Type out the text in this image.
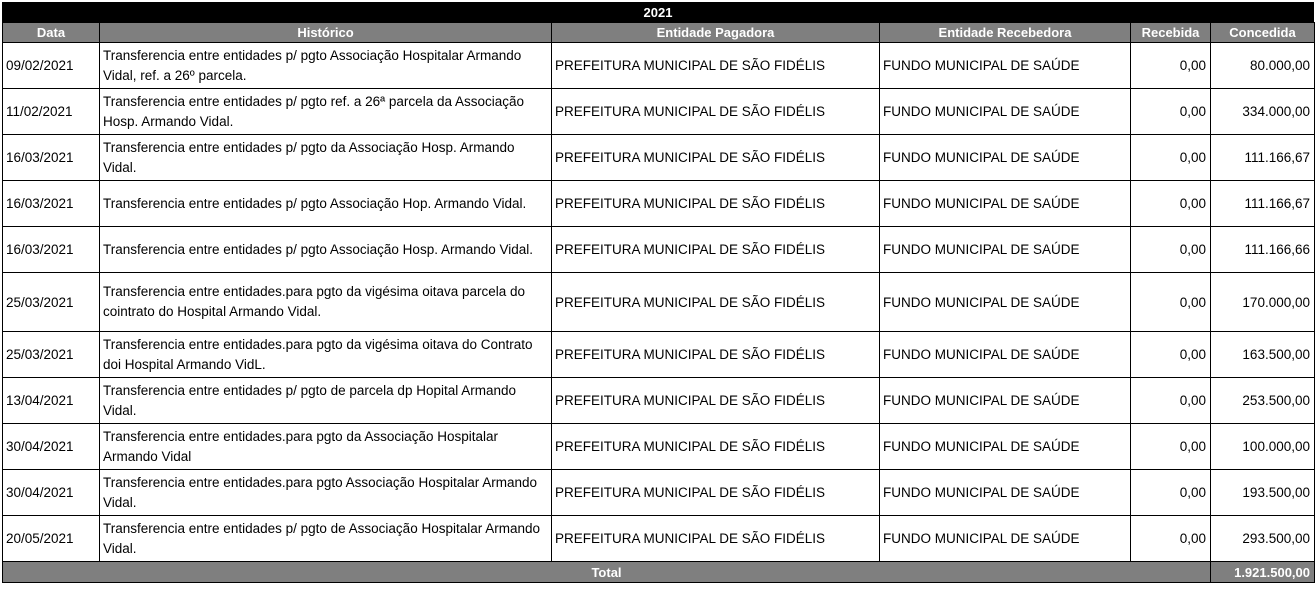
2021
Data	Histórico	Entidade Pagadora	Entidade Recebedora	Recebida	Concedida
09/02/2021	Transferencia entre entidades p/ pgto Associação Hospitalar Armando Vidal, ref. a 26º parcela.	PREFEITURA MUNICIPAL DE SÃO FIDÉLIS	FUNDO MUNICIPAL DE SAÚDE	0,00	80.000,00
11/02/2021	Transferencia entre entidades p/ pgto ref. a 26ª parcela da Associação Hosp. Armando Vidal.	PREFEITURA MUNICIPAL DE SÃO FIDÉLIS	FUNDO MUNICIPAL DE SAÚDE	0,00	334.000,00
16/03/2021	Transferencia entre entidades p/ pgto da Associação Hosp. Armando Vidal.	PREFEITURA MUNICIPAL DE SÃO FIDÉLIS	FUNDO MUNICIPAL DE SAÚDE	0,00	111.166,67
16/03/2021	Transferencia entre entidades p/ pgto Associação Hop. Armando Vidal.	PREFEITURA MUNICIPAL DE SÃO FIDÉLIS	FUNDO MUNICIPAL DE SAÚDE	0,00	111.166,67
16/03/2021	Transferencia entre entidades p/ pgto Associação Hosp. Armando Vidal.	PREFEITURA MUNICIPAL DE SÃO FIDÉLIS	FUNDO MUNICIPAL DE SAÚDE	0,00	111.166,66
25/03/2021	Transferencia entre entidades.para pgto da vigésima oitava parcela do cointrato do Hospital Armando Vidal.	PREFEITURA MUNICIPAL DE SÃO FIDÉLIS	FUNDO MUNICIPAL DE SAÚDE	0,00	170.000,00
25/03/2021	Transferencia entre entidades.para pgto da vigésima oitava do Contrato doi Hospital Armando VidL.	PREFEITURA MUNICIPAL DE SÃO FIDÉLIS	FUNDO MUNICIPAL DE SAÚDE	0,00	163.500,00
13/04/2021	Transferencia entre entidades p/ pgto de parcela dp Hopital Armando Vidal.	PREFEITURA MUNICIPAL DE SÃO FIDÉLIS	FUNDO MUNICIPAL DE SAÚDE	0,00	253.500,00
30/04/2021	Transferencia entre entidades.para pgto da Associação Hospitalar Armando Vidal	PREFEITURA MUNICIPAL DE SÃO FIDÉLIS	FUNDO MUNICIPAL DE SAÚDE	0,00	100.000,00
30/04/2021	Transferencia entre entidades.para pgto Associação Hospitalar Armando Vidal.	PREFEITURA MUNICIPAL DE SÃO FIDÉLIS	FUNDO MUNICIPAL DE SAÚDE	0,00	193.500,00
20/05/2021	Transferencia entre entidades p/ pgto de Associação Hospitalar Armando Vidal.	PREFEITURA MUNICIPAL DE SÃO FIDÉLIS	FUNDO MUNICIPAL DE SAÚDE	0,00	293.500,00
Total					1.921.500,00
